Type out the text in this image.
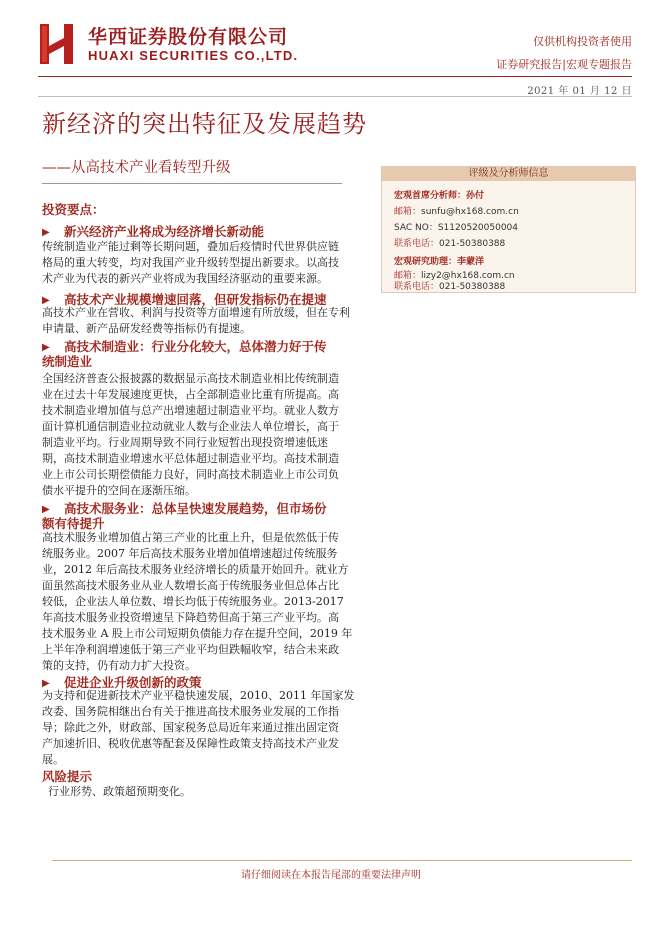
华西证券股份有限公司
HUAXI SECURITIES CO.,LTD.
仅供机构投资者使用
证券研究报告|宏观专题报告
2021 年 01 月 12 日
新经济的突出特征及发展趋势
——从高技术产业看转型升级	评级及分析师信息
宏观首席分析师：孙付
邮箱：sunfu@hx168.com.cn
SAC NO：S1120520050004
联系电话：021-50380388
宏观研究助理：李蒙洋
邮箱：lizy2@hx168.com.cn
联系电话：021-50380388
投资要点：
▶ 新兴经济产业将成为经济增长新动能
传统制造业产能过剩等长期问题，叠加后疫情时代世界供应链
格局的重大转变，均对我国产业升级转型提出新要求。以高技
术产业为代表的新兴产业将成为我国经济驱动的重要来源。
▶ 高技术产业规模增速回落，但研发指标仍在提速
高技术产业在营收、利润与投资等方面增速有所放缓，但在专利
申请量、新产品研发经费等指标仍有提速。
▶ 高技术制造业：行业分化较大，总体潜力好于传
统制造业
全国经济普查公报披露的数据显示高技术制造业相比传统制造
业在过去十年发展速度更快，占全部制造业比重有所提高。高
技术制造业增加值与总产出增速超过制造业平均。就业人数方
面计算机通信制造业拉动就业人数与企业法人单位增长，高于
制造业平均。行业周期导致不同行业短暂出现投资增速低迷
期，高技术制造业增速水平总体超过制造业平均。高技术制造
业上市公司长期偿债能力良好，同时高技术制造业上市公司负
债水平提升的空间在逐渐压缩。
▶ 高技术服务业：总体呈快速发展趋势，但市场份
额有待提升
高技术服务业增加值占第三产业的比重上升，但是依然低于传
统服务业。2007 年后高技术服务业增加值增速超过传统服务
业，2012 年后高技术服务业经济增长的质量开始回升。就业方
面虽然高技术服务业从业人数增长高于传统服务业但总体占比
较低，企业法人单位数、增长均低于传统服务业。2013-2017
年高技术服务业投资增速呈下降趋势但高于第三产业平均。高
技术服务业 A 股上市公司短期负债能力存在提升空间，2019 年
上半年净利润增速低于第三产业平均但跌幅收窄，结合未来政
策的支持，仍有动力扩大投资。
▶ 促进企业升级创新的政策
为支持和促进新技术产业平稳快速发展，2010、2011 年国家发
改委、国务院相继出台有关于推进高技术服务业发展的工作指
导；除此之外，财政部、国家税务总局近年来通过推出固定资
产加速折旧、税收优惠等配套及保障性政策支持高技术产业发
展。
风险提示
行业形势、政策超预期变化。
请仔细阅读在本报告尾部的重要法律声明
